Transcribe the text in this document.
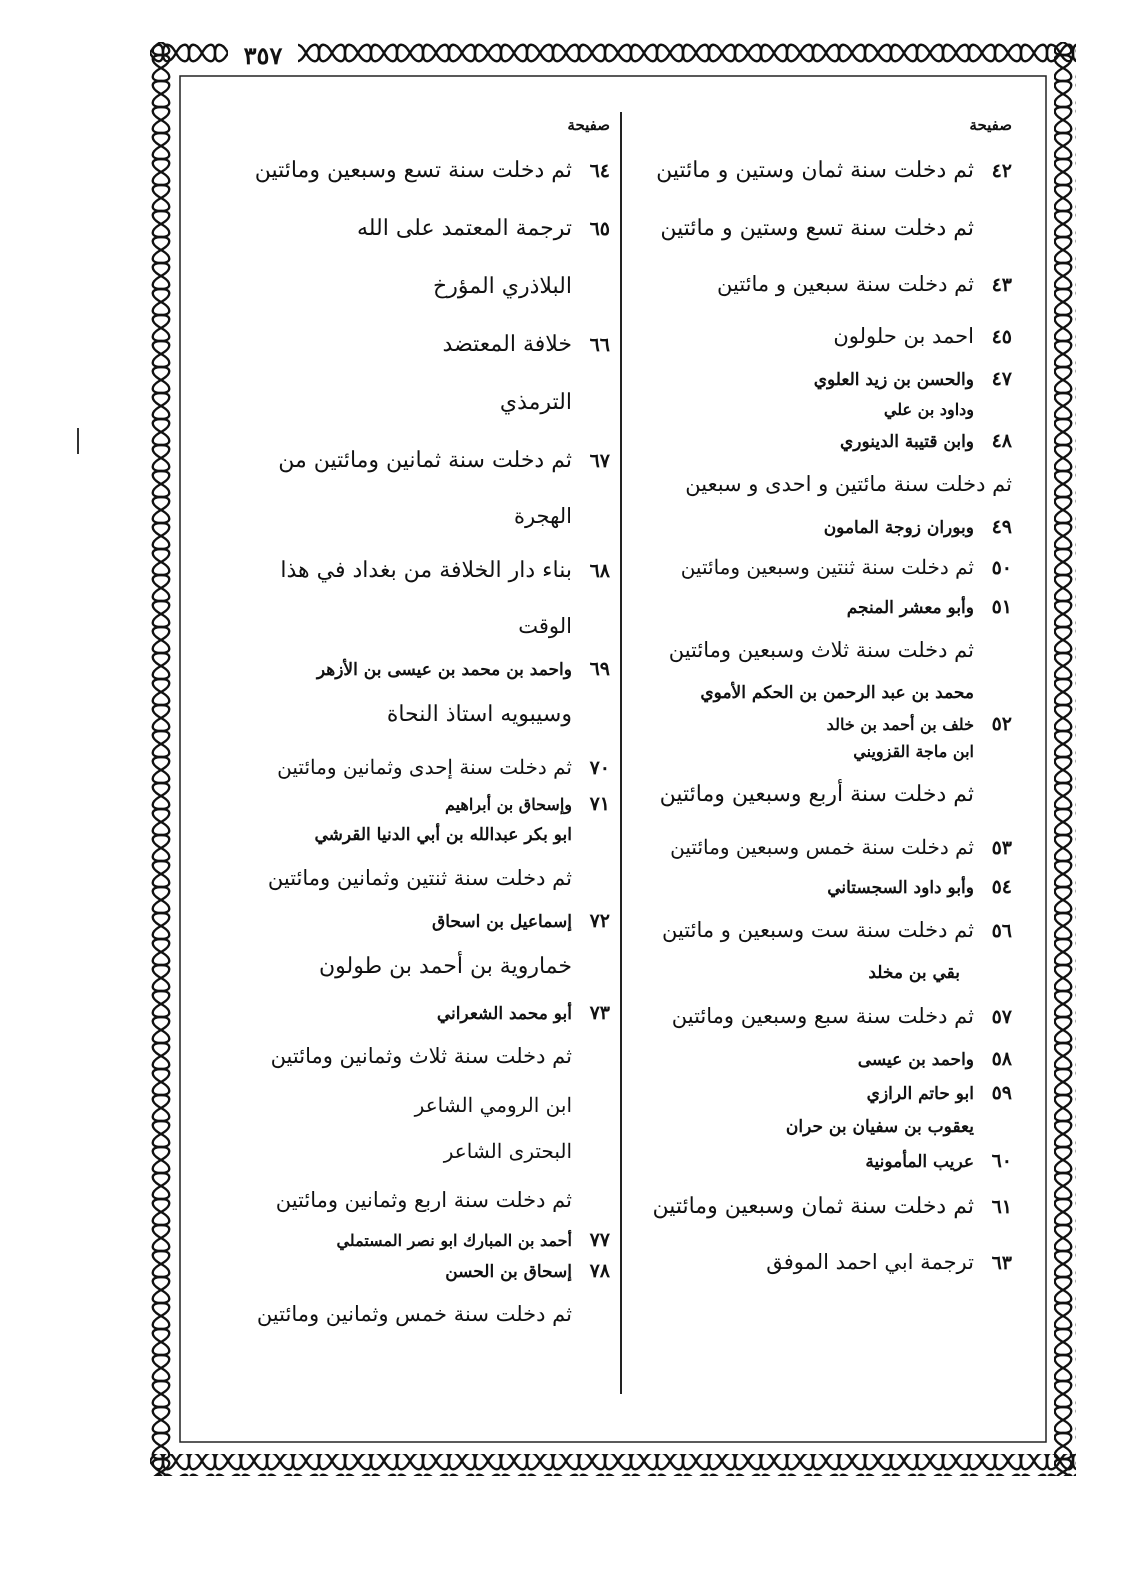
٣٥٧
صفيحة
٤٢
ثم دخلت سنة ثمان وستين و مائتين
ثم دخلت سنة تسع وستين و مائتين
٤٣
ثم دخلت سنة سبعين و مائتين
٤٥
احمد بن حلولون
٤٧
والحسن بن زيد العلوي
وداود بن علي
٤٨
وابن قتيبة الدينوري
ثم دخلت سنة مائتين و احدى و سبعين
٤٩
وبوران زوجة المامون
٥٠
ثم دخلت سنة ثنتين وسبعين ومائتين
٥١
وأبو معشر المنجم
ثم دخلت سنة ثلاث وسبعين ومائتين
محمد بن عبد الرحمن بن الحكم الأموي
٥٢
خلف بن أحمد بن خالد
ابن ماجة القزويني
ثم دخلت سنة أربع وسبعين ومائتين
٥٣
ثم دخلت سنة خمس وسبعين ومائتين
٥٤
وأبو داود السجستاني
٥٦
ثم دخلت سنة ست وسبعين و مائتين
بقي بن مخلد
٥٧
ثم دخلت سنة سبع وسبعين ومائتين
٥٨
واحمد بن عيسى
٥٩
ابو حاتم الرازي
يعقوب بن سفيان بن حران
٦٠
عريب المأمونية
٦١
ثم دخلت سنة ثمان وسبعين ومائتين
٦٣
ترجمة ابي احمد الموفق
صفيحة
٦٤
ثم دخلت سنة تسع وسبعين ومائتين
٦٥
ترجمة المعتمد على الله
البلاذري المؤرخ
٦٦
خلافة المعتضد
الترمذي
٦٧
ثم دخلت سنة ثمانين ومائتين من
الهجرة
٦٨
بناء دار الخلافة من بغداد في هذا
الوقت
٦٩
واحمد بن محمد بن عيسى بن الأزهر
وسيبويه استاذ النحاة
٧٠
ثم دخلت سنة إحدى وثمانين ومائتين
٧١
وإسحاق بن أبراهيم
ابو بكر عبدالله بن أبي الدنيا القرشي
ثم دخلت سنة ثنتين وثمانين ومائتين
٧٢
إسماعيل بن اسحاق
خمارویة بن أحمد بن طولون
٧٣
أبو محمد الشعراني
ثم دخلت سنة ثلاث وثمانين ومائتين
ابن الرومي الشاعر
البحترى الشاعر
ثم دخلت سنة اربع وثمانين ومائتين
٧٧
أحمد بن المبارك ابو نصر المستملي
٧٨
إسحاق بن الحسن
ثم دخلت سنة خمس وثمانين ومائتين
